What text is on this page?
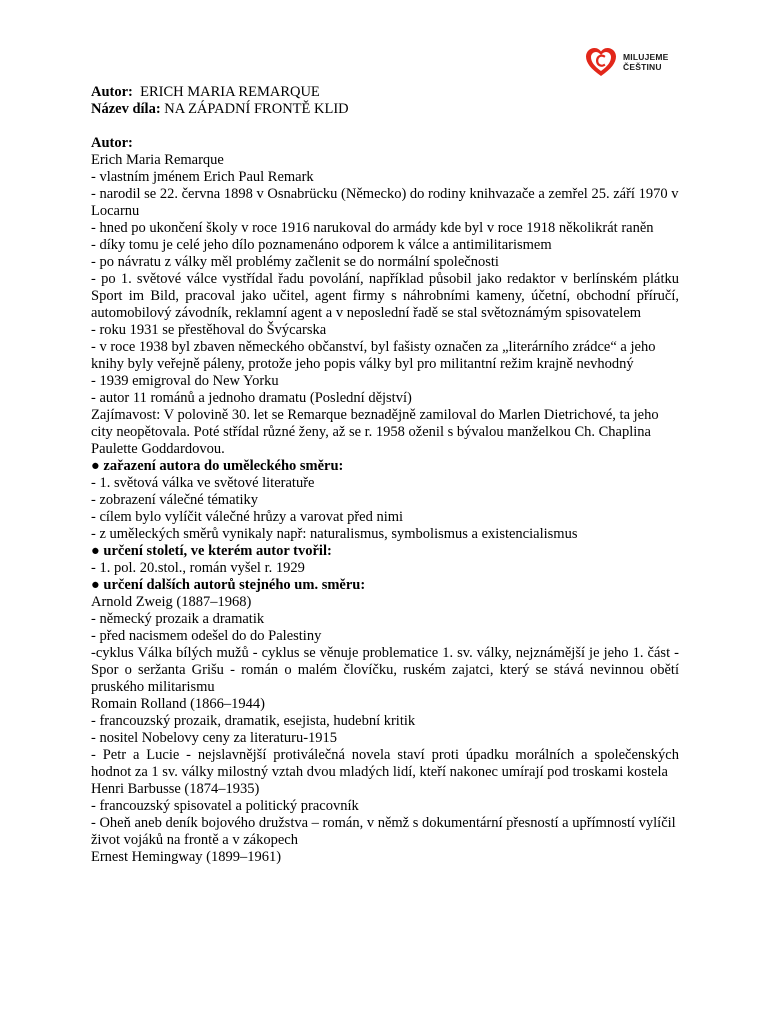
MILUJEME
ČEŠTINU
Autor: ERICH MARIA REMARQUE
Název díla: NA ZÁPADNÍ FRONTĚ KLID
Autor:
Erich Maria Remarque
- vlastním jménem Erich Paul Remark
- narodil se 22. června 1898 v Osnabrücku (Německo) do rodiny knihvazače a zemřel 25. září 1970 v Locarnu
- hned po ukončení školy v roce 1916 narukoval do armády kde byl v roce 1918 několikrát raněn
- díky tomu je celé jeho dílo poznamenáno odporem k válce a antimilitarismem
- po návratu z války měl problémy začlenit se do normální společnosti
- po 1. světové válce vystřídal řadu povolání, například působil jako redaktor v berlínském plátku Sport im Bild, pracoval jako učitel, agent firmy s náhrobními kameny, účetní, obchodní příručí, automobilový závodník, reklamní agent a v neposlední řadě se stal světoznámým spisovatelem
- roku 1931 se přestěhoval do Švýcarska
- v roce 1938 byl zbaven německého občanství, byl fašisty označen za „literárního zrádce“ a jeho knihy byly veřejně páleny, protože jeho popis války byl pro militantní režim krajně nevhodný
- 1939 emigroval do New Yorku
- autor 11 románů a jednoho dramatu (Poslední dějství)
Zajímavost: V polovině 30. let se Remarque beznadějně zamiloval do Marlen Dietrichové, ta jeho city neopětovala. Poté střídal různé ženy, až se r. 1958 oženil s bývalou manželkou Ch. Chaplina Paulette Goddardovou.
● zařazení autora do uměleckého směru:
- 1. světová válka ve světové literatuře
- zobrazení válečné tématiky
- cílem bylo vylíčit válečné hrůzy a varovat před nimi
- z uměleckých směrů vynikaly např: naturalismus, symbolismus a existencialismus
● určení století, ve kterém autor tvořil:
- 1. pol. 20.stol., román vyšel r. 1929
● určení dalších autorů stejného um. směru:
Arnold Zweig (1887–1968)
- německý prozaik a dramatik
- před nacismem odešel do do Palestiny
-cyklus Válka bílých mužů - cyklus se věnuje problematice 1. sv. války, nejznámější je jeho 1. část - Spor o seržanta Grišu - román o malém človíčku, ruském zajatci, který se stává nevinnou obětí pruského militarismu
Romain Rolland (1866–1944)
- francouzský prozaik, dramatik, esejista, hudební kritik
- nositel Nobelovy ceny za literaturu-1915
- Petr a Lucie - nejslavnější protiválečná novela staví proti úpadku morálních a společenských hodnot za 1 sv. války milostný vztah dvou mladých lidí, kteří nakonec umírají pod troskami kostela
Henri Barbusse (1874–1935)
- francouzský spisovatel a politický pracovník
- Oheň aneb deník bojového družstva – román, v němž s dokumentární přesností a upřímností vylíčil život vojáků na frontě a v zákopech
Ernest Hemingway (1899–1961)
